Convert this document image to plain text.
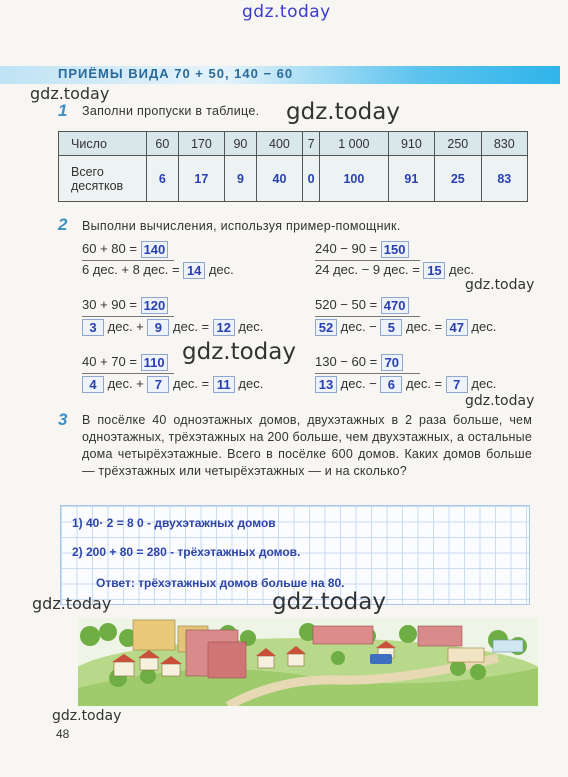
gdz.today
ПРИЁМЫ ВИДА 70 + 50, 140 − 60
gdz.today
1 Заполни пропуски в таблице. gdz.today
Число	60	170	90	400	7	1 000	910	250	830
Всего
десятков	6	17	9	40	0	100	91	25	83
2 Выполни вычисления, используя пример-помощник.
60 + 80 = 140
6 дес. + 8 дес. = 14 дес.
240 − 90 = 150
24 дес. − 9 дес. = 15 дес.
gdz.today
30 + 90 = 120
3 дес. + 9 дес. = 12 дес.
520 − 50 = 470
52 дес. − 5 дес. = 47 дес.
gdz.today
40 + 70 = 110
4 дес. + 7 дес. = 11 дес.
130 − 60 = 70
13 дес. − 6 дес. = 7 дес.
gdz.today
3 В посёлке 40 одноэтажных домов, двухэтажных в 2 раза больше, чем одноэтажных, трёхэтажных на 200 больше, чем двухэтажных, а остальные дома четырёхэтажные. Всего в посёлке 600 домов. Каких домов больше — трёхэтажных или четырёхэтажных — и на сколько?
1) 40· 2 = 8 0 - двухэтажных домов
2) 200 + 80 = 280 - трёхэтажных домов.
Ответ: трёхэтажных домов больше на 80.
gdz.today	gdz.today
gdz.today
48
